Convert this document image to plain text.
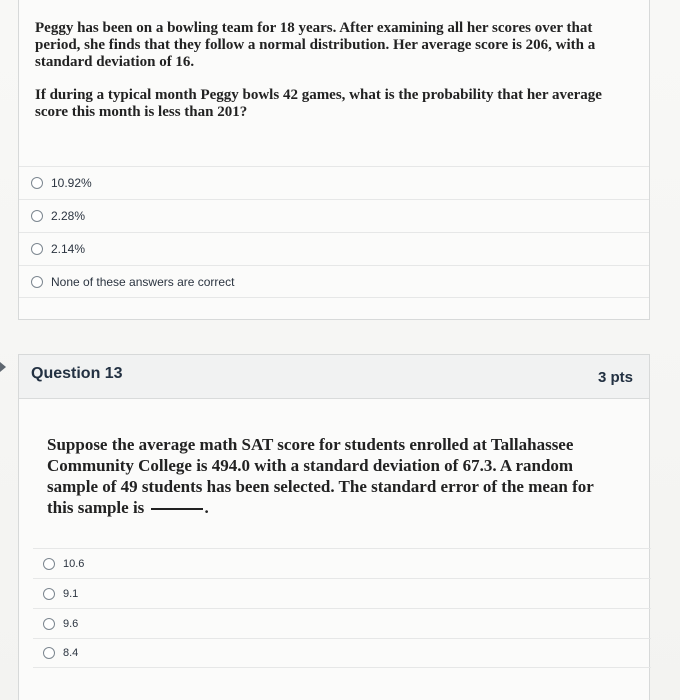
Peggy has been on a bowling team for 18 years. After examining all her scores over that period, she finds that they follow a normal distribution. Her average score is 206, with a standard deviation of 16.

If during a typical month Peggy bowls 42 games, what is the probability that her average score this month is less than 201?

10.92%
2.28%
2.14%
None of these answers are correct
Question 13	3 pts
Suppose the average math SAT score for students enrolled at Tallahassee Community College is 494.0 with a standard deviation of 67.3. A random sample of 49 students has been selected. The standard error of the mean for this sample is	.
10.6
9.1
9.6
8.4
